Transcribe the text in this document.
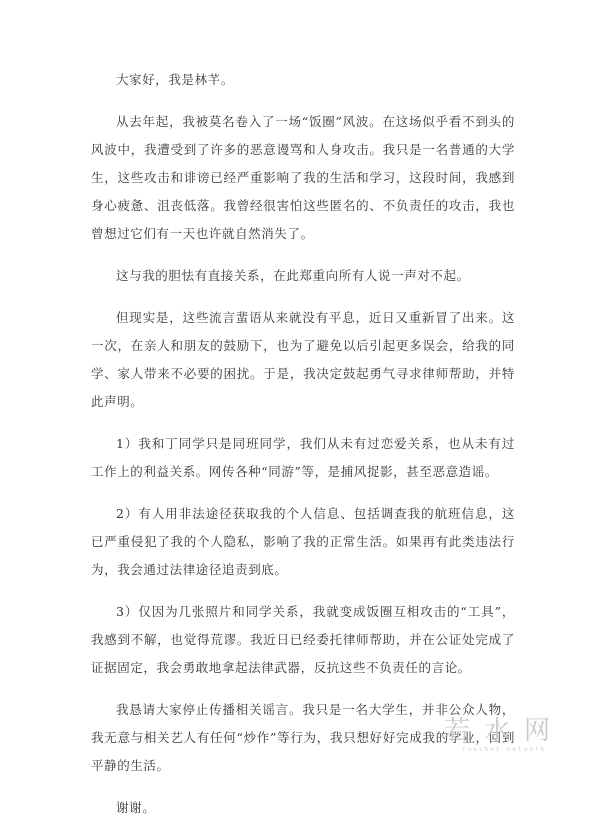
大家好，我是林芊。

从去年起，我被莫名卷入了一场“饭圈”风波。在这场似乎看不到头的风波中，我遭受到了许多的恶意谩骂和人身攻击。我只是一名普通的大学生，这些攻击和诽谤已经严重影响了我的生活和学习，这段时间，我感到身心疲惫、沮丧低落。我曾经很害怕这些匿名的、不负责任的攻击，我也曾想过它们有一天也许就自然消失了。

这与我的胆怯有直接关系，在此郑重向所有人说一声对不起。

但现实是，这些流言蜚语从来就没有平息，近日又重新冒了出来。这一次，在亲人和朋友的鼓励下，也为了避免以后引起更多误会，给我的同学、家人带来不必要的困扰。于是，我决定鼓起勇气寻求律师帮助，并特此声明。

1）我和丁同学只是同班同学，我们从未有过恋爱关系，也从未有过工作上的利益关系。网传各种“同游”等，是捕风捉影，甚至恶意造谣。

2）有人用非法途径获取我的个人信息、包括调查我的航班信息，这已严重侵犯了我的个人隐私，影响了我的正常生活。如果再有此类违法行为，我会通过法律途径追责到底。

3）仅因为几张照片和同学关系，我就变成饭圈互相攻击的“工具”，我感到不解，也觉得荒谬。我近日已经委托律师帮助，并在公证处完成了证据固定，我会勇敢地拿起法律武器，反抗这些不负责任的言论。

我恳请大家停止传播相关谣言。我只是一名大学生，并非公众人物，我无意与相关艺人有任何“炒作”等行为，我只想好好完成我的学业，回到平静的生活。

谢谢。

若水网
ruoshui network
